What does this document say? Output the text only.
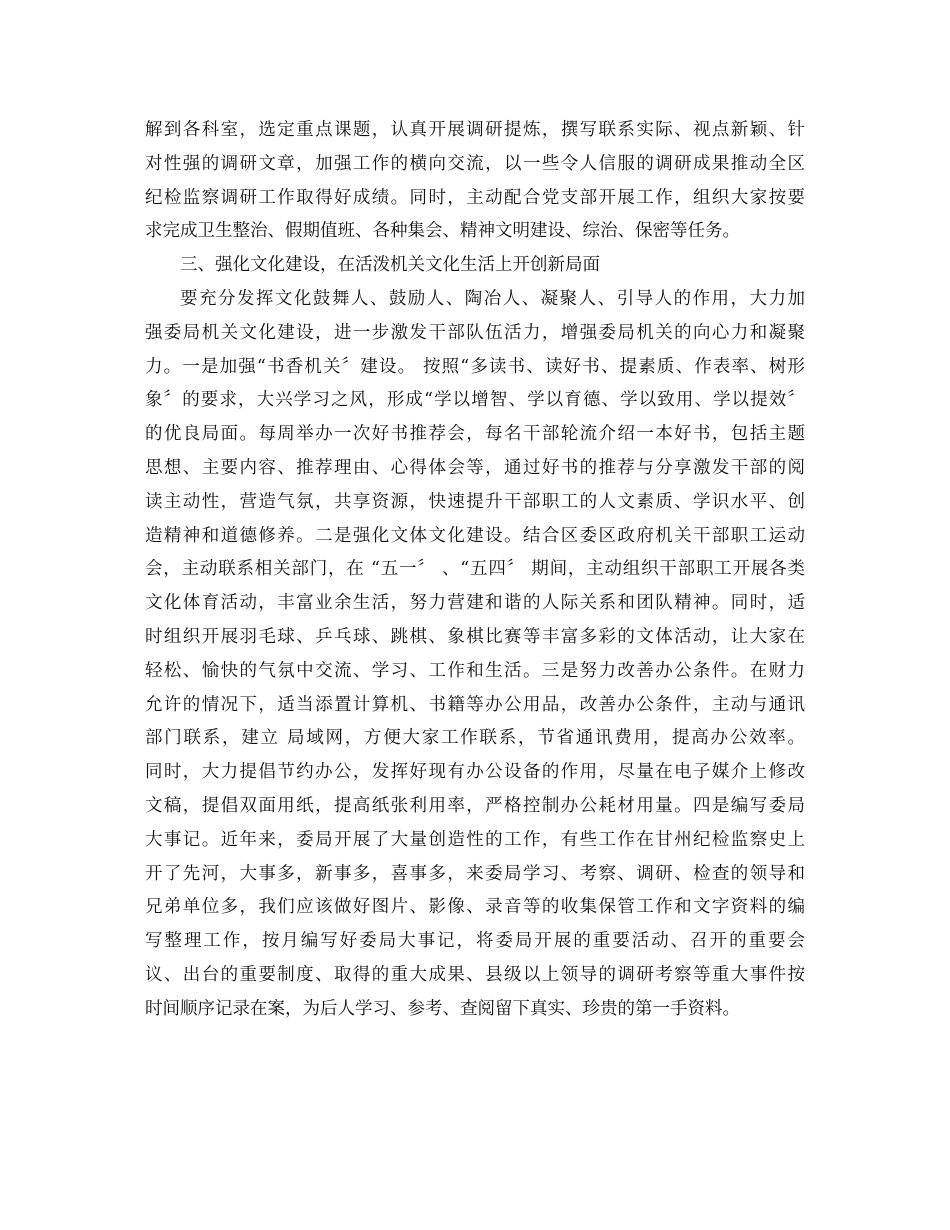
解到各科室，选定重点课题，认真开展调研提炼，撰写联系实际、视点新颖、针
对性强的调研文章，加强工作的横向交流，以一些令人信服的调研成果推动全区
纪检监察调研工作取得好成绩。同时，主动配合党支部开展工作，组织大家按要
求完成卫生整治、假期值班、各种集会、精神文明建设、综治、保密等任务。
三、强化文化建设，在活泼机关文化生活上开创新局面
要充分发挥文化鼓舞人、鼓励人、陶冶人、凝聚人、引导人的作用，大力加
强委局机关文化建设，进一步激发干部队伍活力，增强委局机关的向心力和凝聚
力。一是加强“书香机关〞建设。 按照“多读书、读好书、提素质、作表率、树形
象〞的要求，大兴学习之风，形成“学以增智、学以育德、学以致用、学以提效〞
的优良局面。每周举办一次好书推荐会，每名干部轮流介绍一本好书，包括主题
思想、主要内容、推荐理由、心得体会等，通过好书的推荐与分享激发干部的阅
读主动性，营造气氛，共享资源，快速提升干部职工的人文素质、学识水平、创
造精神和道德修养。二是强化文体文化建设。结合区委区政府机关干部职工运动
会，主动联系相关部门，在 “五一〞 、“五四〞 期间，主动组织干部职工开展各类
文化体育活动，丰富业余生活，努力营建和谐的人际关系和团队精神。同时，适
时组织开展羽毛球、乒乓球、跳棋、象棋比赛等丰富多彩的文体活动，让大家在
轻松、愉快的气氛中交流、学习、工作和生活。三是努力改善办公条件。在财力
允许的情况下，适当添置计算机、书籍等办公用品，改善办公条件，主动与通讯
部门联系，建立 局域网，方便大家工作联系，节省通讯费用，提高办公效率。
同时，大力提倡节约办公，发挥好现有办公设备的作用，尽量在电子媒介上修改
文稿，提倡双面用纸，提高纸张利用率，严格控制办公耗材用量。四是编写委局
大事记。近年来，委局开展了大量创造性的工作，有些工作在甘州纪检监察史上
开了先河，大事多，新事多，喜事多，来委局学习、考察、调研、检查的领导和
兄弟单位多，我们应该做好图片、影像、录音等的收集保管工作和文字资料的编
写整理工作，按月编写好委局大事记，将委局开展的重要活动、召开的重要会
议、出台的重要制度、取得的重大成果、县级以上领导的调研考察等重大事件按
时间顺序记录在案，为后人学习、参考、查阅留下真实、珍贵的第一手资料。
